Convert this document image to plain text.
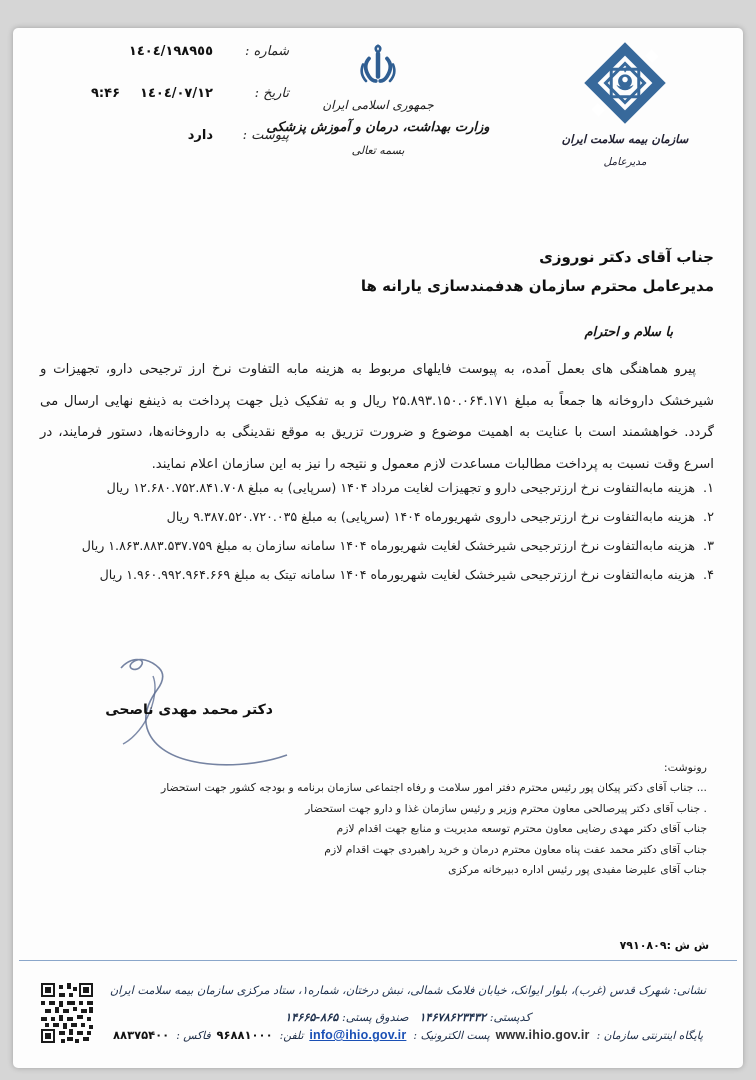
سازمان بیمه سلامت ایران
مدیرعامل
جمهوری اسلامی ایران
وزارت بهداشت، درمان و آموزش پزشکی
بسمه تعالی
شماره :
١٤٠٤/١٩٨٩٥٥
تاریخ :
١٤٠٤/٠٧/١٢
۹:۴۶
پیوست :
دارد
جناب آقای دکتر نوروزی
مدیرعامل محترم سازمان هدفمندسازی یارانه ها
با سلام و احترام

پیرو هماهنگی های بعمل آمده، به پیوست فایلهای مربوط به هزینه مابه التفاوت نرخ ارز ترجیحی دارو، تجهیزات و شیرخشک داروخانه ها جمعاً به مبلغ ۲۵.۸۹۳.۱۵۰.۰۶۴.۱۷۱ ریال و به تفکیک ذیل جهت پرداخت به ذینفع نهایی ارسال می گردد. خواهشمند است با عنایت به اهمیت موضوع و ضرورت تزریق به موقع نقدینگی به داروخانه‌ها، دستور فرمایند، در اسرع وقت نسبت به پرداخت مطالبات مساعدت لازم معمول و نتیجه را نیز به این سازمان اعلام نمایند.

۱.
هزینه مابه‌التفاوت نرخ ارزترجیحی دارو و تجهیزات لغایت مرداد ۱۴۰۴ (سرپایی) به مبلغ ۱۲.۶۸۰.۷۵۲.۸۴۱.۷۰۸ ریال
۲.
هزینه مابه‌التفاوت نرخ ارزترجیحی داروی شهریورماه ۱۴۰۴ (سرپایی) به مبلغ ۹.۳۸۷.۵۲۰.۷۲۰.۰۳۵ ریال
۳.
هزینه مابه‌التفاوت نرخ ارزترجیحی شیرخشک لغایت شهریورماه ۱۴۰۴ سامانه سازمان به مبلغ ۱.۸۶۳.۸۸۳.۵۳۷.۷۵۹ ریال
۴.
هزینه مابه‌التفاوت نرخ ارزترجیحی شیرخشک لغایت شهریورماه ۱۴۰۴ سامانه تیتک به مبلغ ۱.۹۶۰.۹۹۲.۹۶۴.۶۶۹ ریال
دکتر محمد مهدی ناصحی
رونوشت:
... جناب آقای دکتر پیکان پور رئیس محترم دفتر امور سلامت و رفاه اجتماعی سازمان برنامه و بودجه کشور جهت استحضار
. جناب آقای دکتر پیرصالحی معاون محترم وزیر و رئیس سازمان غذا و دارو جهت استحضار
جناب آقای دکتر مهدی رضایی معاون محترم توسعه مدیریت و منابع جهت اقدام لازم
جناب آقای دکتر محمد عفت پناه معاون محترم درمان و خرید راهبردی جهت اقدام لازم
جناب آقای علیرضا مفیدی پور رئیس اداره دبیرخانه مرکزی
ش ش :۷۹۱۰۸۰۹
نشانی: شهرک قدس (غرب)، بلوار ایوانک، خیابان فلامک شمالی، نبش درختان، شماره۱، ستاد مرکزی سازمان بیمه سلامت ایران کدپستی: ۱۴۶۷۸۶۲۳۴۳۲   صندوق پستی: ۱۴۶۶۵-۸۶۵
پایگاه اینترنتی سازمان :
www.ihio.gov.ir
پست الکترونیک :
info@ihio.gov.ir
تلفن:
۹۶۸۸۱۰۰۰
فاکس :
۸۸۳۷۵۴۰۰
